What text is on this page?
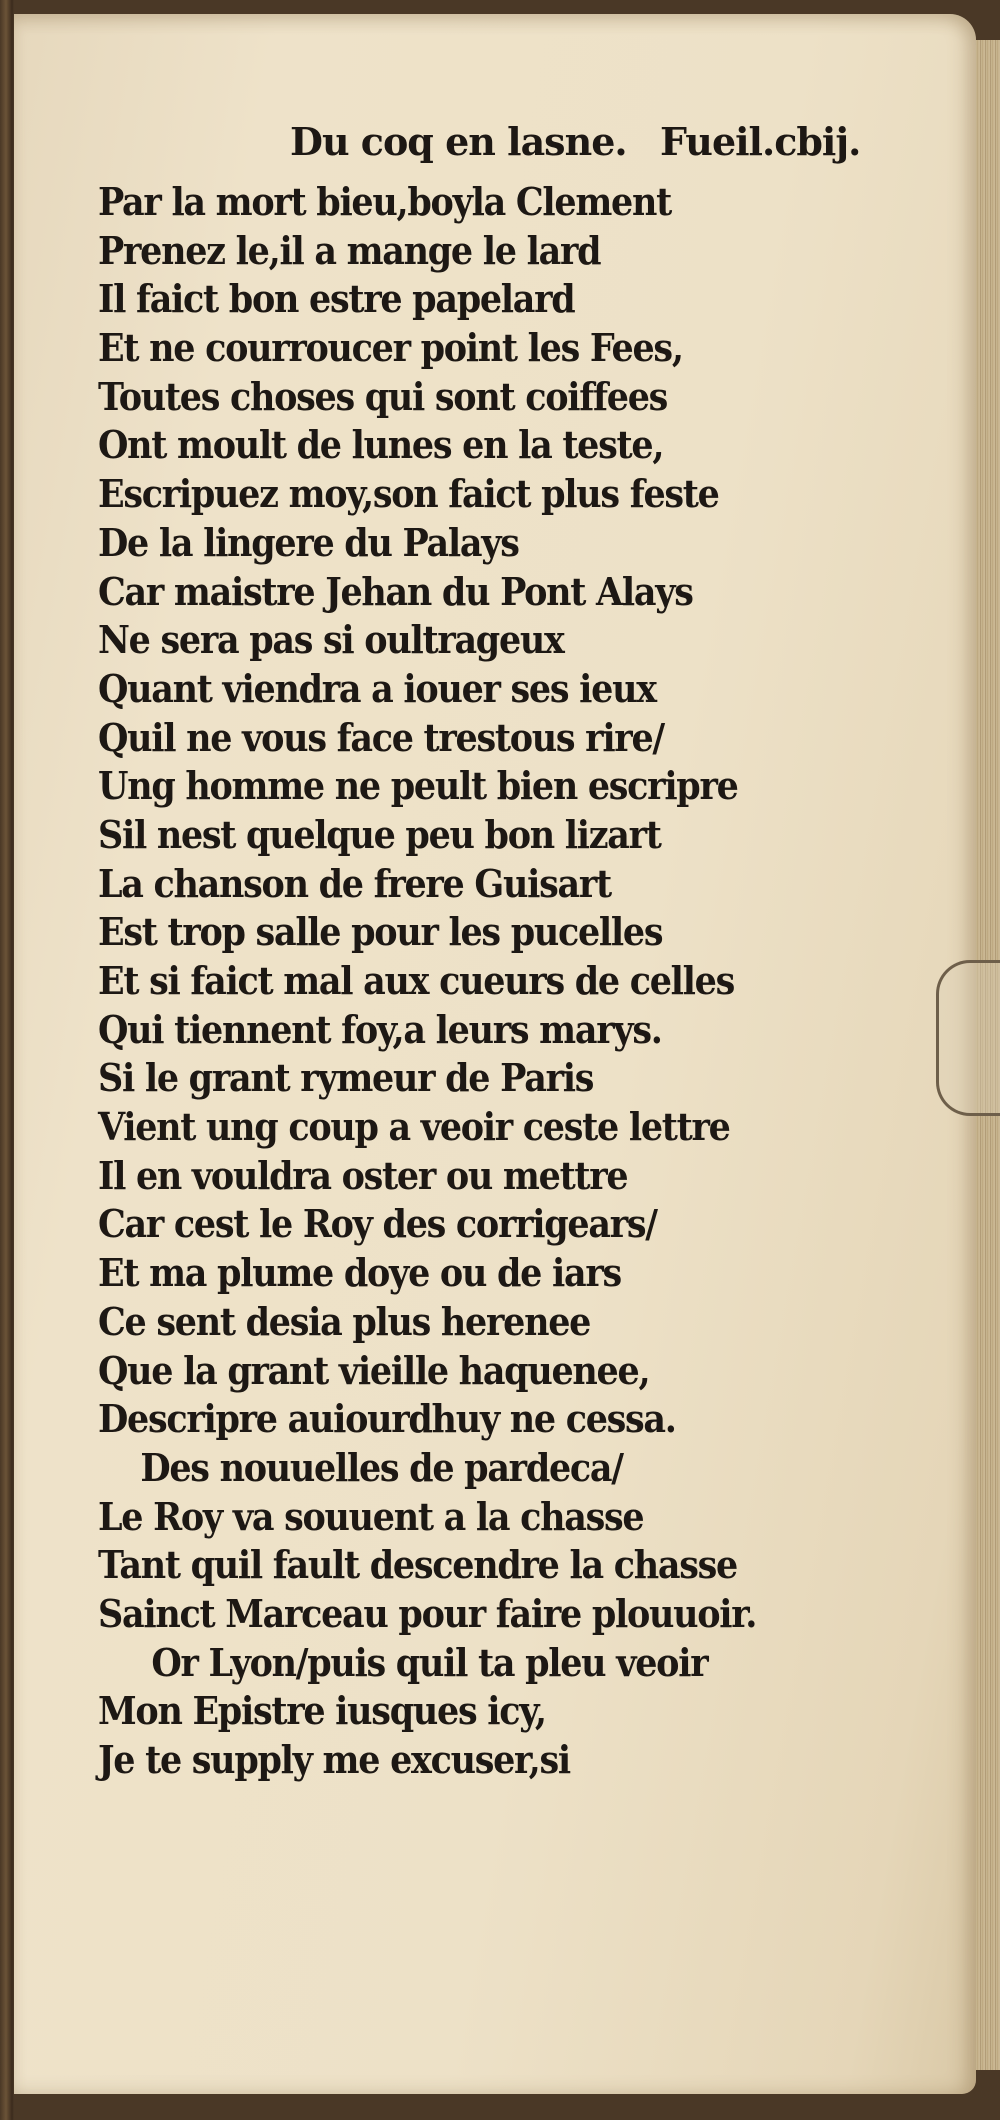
Du coq en lasne. Fueil.cbij.
Par la mort bieu,boyla Clement
Prenez le,il a mange le lard
Il faict bon estre papelard
Et ne courroucer point les Fees,
Toutes choses qui sont coiffees
Ont moult de lunes en la teste,
Escripuez moy,son faict plus feste
De la lingere du Palays
Car maistre Jehan du Pont Alays
Ne sera pas si oultrageux
Quant viendra a iouer ses ieux
Quil ne vous face trestous rire/
Ung homme ne peult bien escripre
Sil nest quelque peu bon lizart
La chanson de frere Guisart
Est trop salle pour les pucelles
Et si faict mal aux cueurs de celles
Qui tiennent foy,a leurs marys.
Si le grant rymeur de Paris
Vient ung coup a veoir ceste lettre
Il en vouldra oster ou mettre
Car cest le Roy des corrigears/
Et ma plume doye ou de iars
Ce sent desia plus herenee
Que la grant vieille haquenee,
Descripre auiourdhuy ne cessa.
Des nouuelles de pardeca/
Le Roy va souuent a la chasse
Tant quil fault descendre la chasse
Sainct Marceau pour faire plouuoir.
Or Lyon/puis quil ta pleu veoir
Mon Epistre iusques icy,
Je te supply me excuser,si
